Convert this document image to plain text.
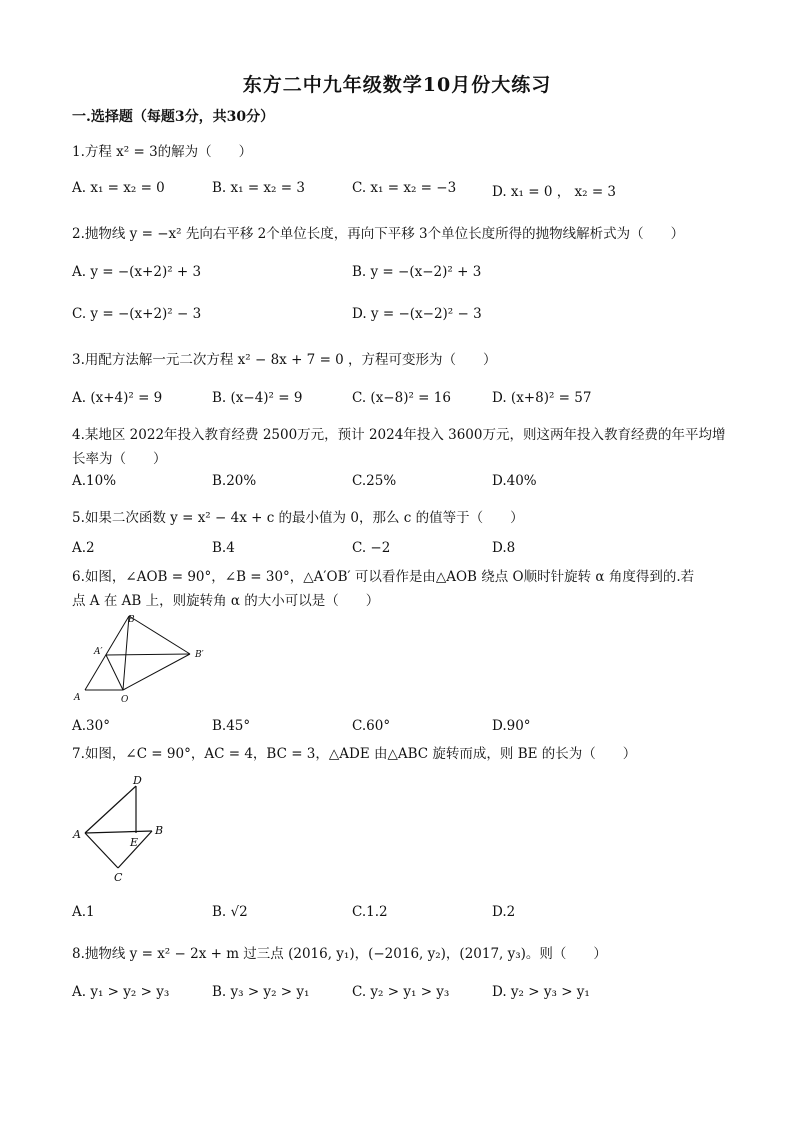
东方二中九年级数学10月份大练习
一.选择题（每题3分，共30分）
1.方程 x² = 3的解为（　　）
A. x₁ = x₂ = 0	B. x₁ = x₂ = 3	C. x₁ = x₂ = −3	D. x₁ = 0 ， x₂ = 3
2.抛物线 y = −x² 先向右平移 2个单位长度，再向下平移 3个单位长度所得的抛物线解析式为（　　）
A. y = −(x+2)² + 3	B. y = −(x−2)² + 3
C. y = −(x+2)² − 3	D. y = −(x−2)² − 3
3.用配方法解一元二次方程 x² − 8x + 7 = 0 ，方程可变形为（　　）
A. (x+4)² = 9	B. (x−4)² = 9	C. (x−8)² = 16	D. (x+8)² = 57
4.某地区 2022年投入教育经费 2500万元，预计 2024年投入 3600万元，则这两年投入教育经费的年平均增
长率为（　　）
A.10%	B.20%	C.25%	D.40%
5.如果二次函数 y = x² − 4x + c 的最小值为 0，那么 c 的值等于（　　）
A.2	B.4	C. −2	D.8
6.如图，∠AOB = 90°，∠B = 30°，△A′OB′ 可以看作是由△AOB 绕点 O顺时针旋转 α 角度得到的.若
点 A 在 AB 上，则旋转角 α 的大小可以是（　　）
B
A′	B′
A	O
A.30°	B.45°	C.60°	D.90°
7.如图，∠C = 90°，AC = 4，BC = 3，△ADE 由△ABC 旋转而成，则 BE 的长为（　　）
D
A	B
E
C
A.1	B. √2	C.1.2	D.2
8.抛物线 y = x² − 2x + m 过三点 (2016, y₁)，(−2016, y₂)，(2017, y₃)。则（　　）
A. y₁ > y₂ > y₃	B. y₃ > y₂ > y₁	C. y₂ > y₁ > y₃	D. y₂ > y₃ > y₁
